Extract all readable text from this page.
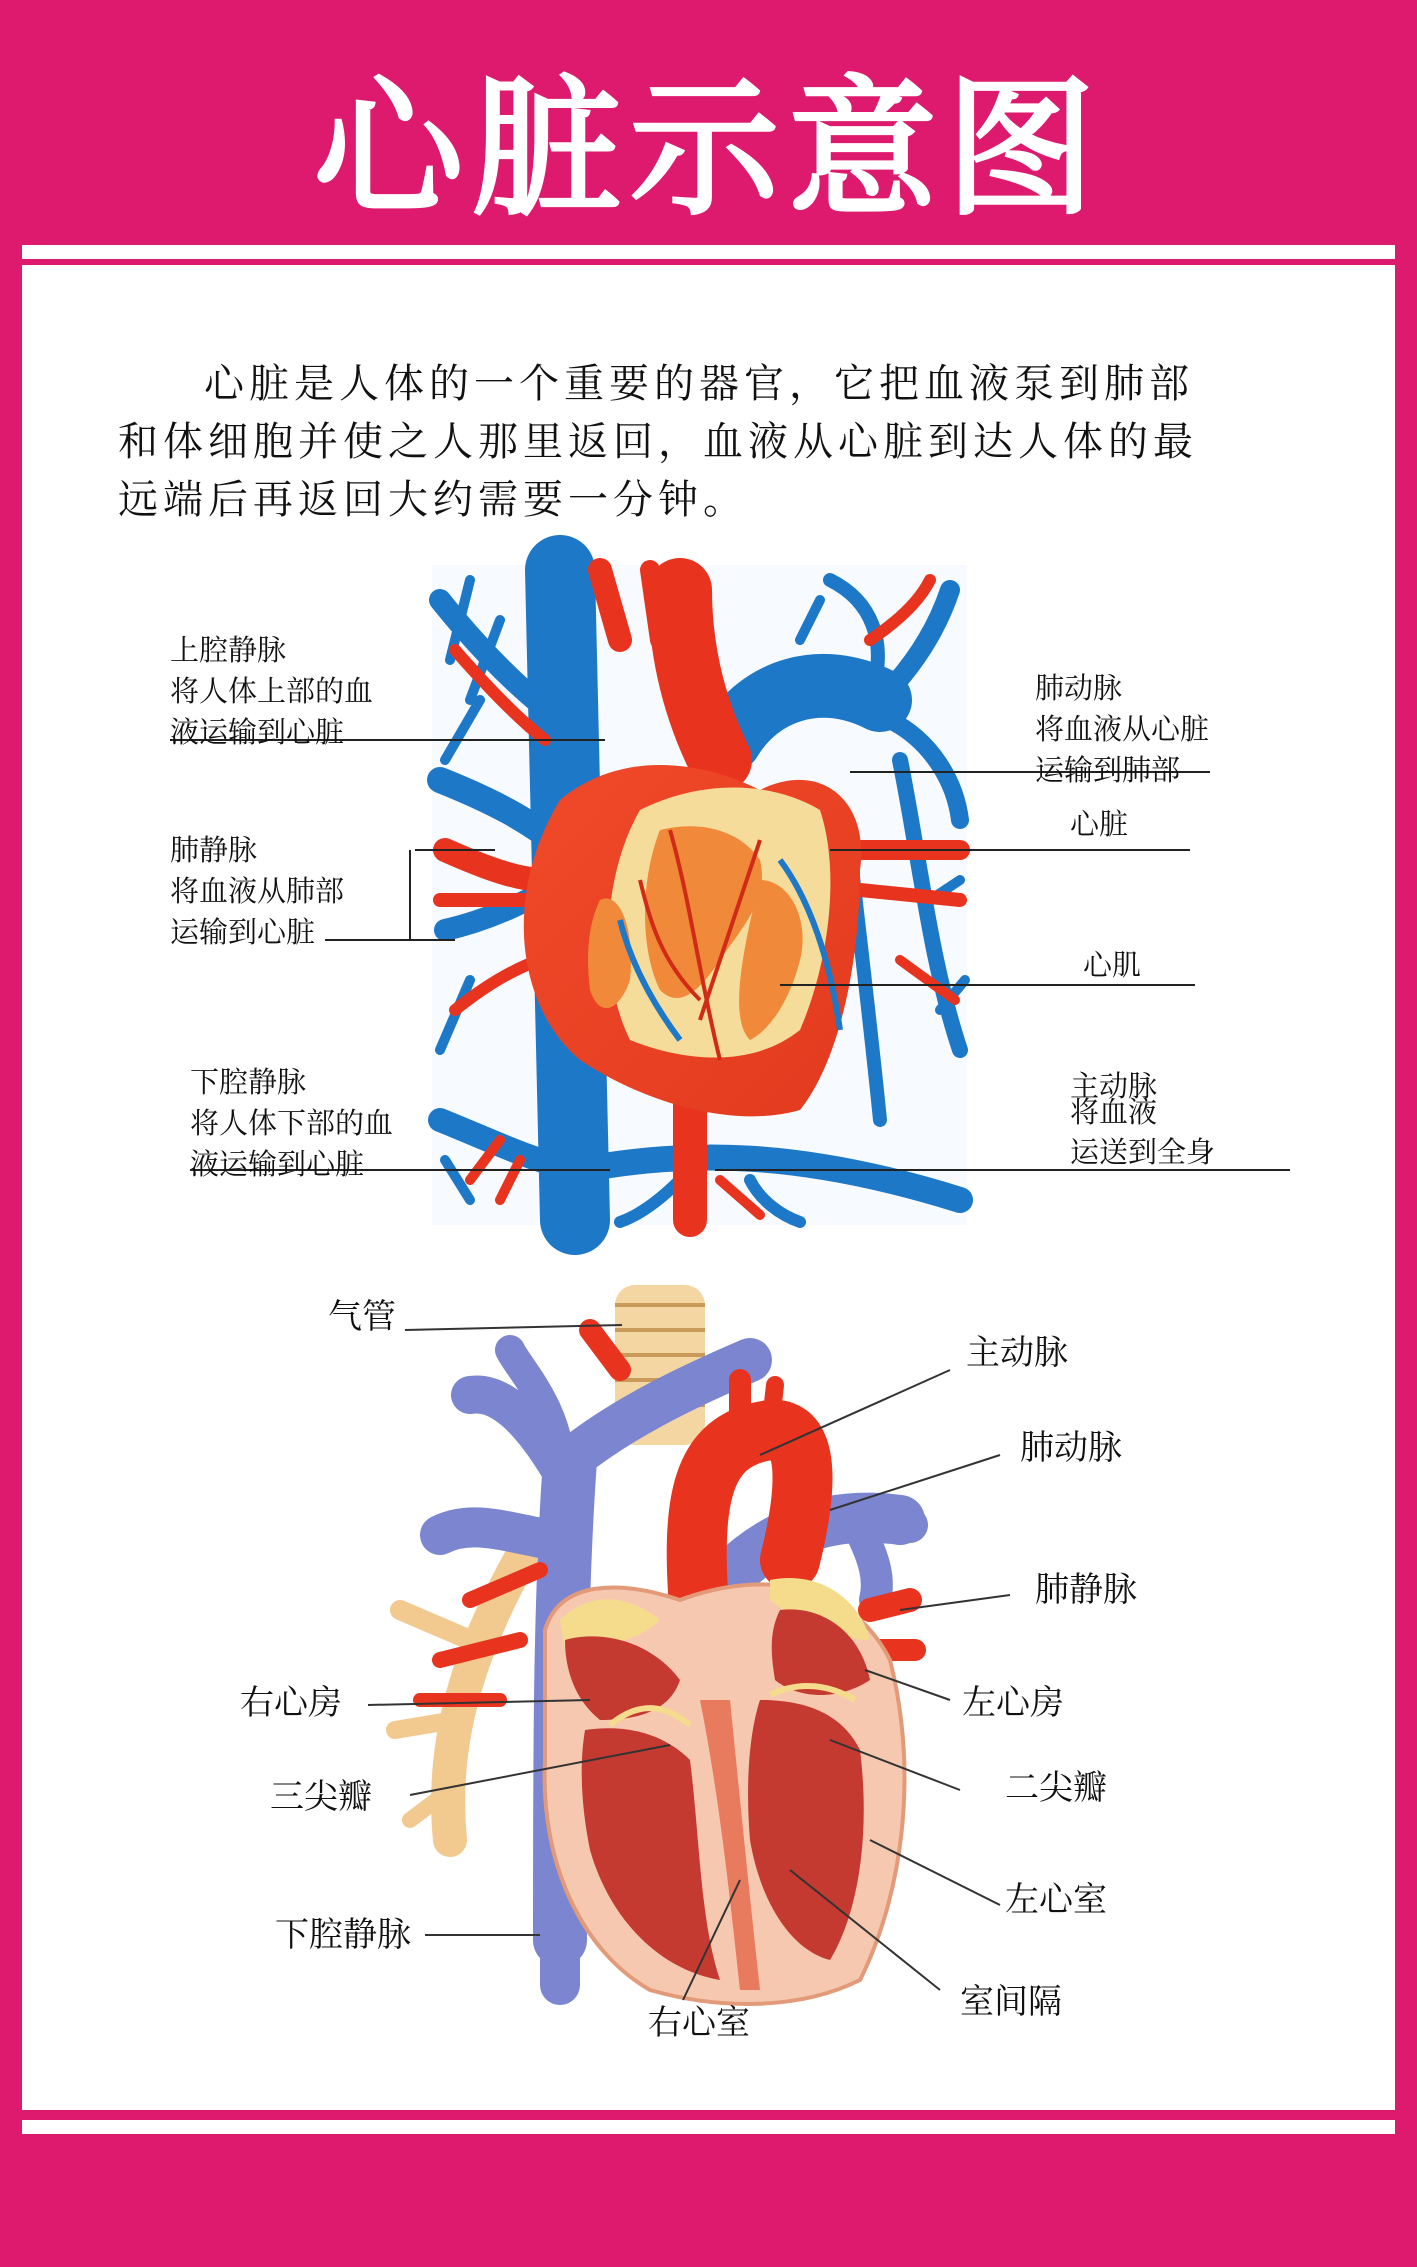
心脏示意图
心脏是人体的一个重要的器官，它把血液泵到肺部
和体细胞并使之人那里返回，血液从心脏到达人体的最
远端后再返回大约需要一分钟。
上腔静脉
将人体上部的血
液运输到心脏
肺静脉
将血液从肺部
运输到心脏
下腔静脉
将人体下部的血
液运输到心脏
肺动脉
将血液从心脏
运输到肺部
心脏
心肌
主动脉
将血液
运送到全身
气管
主动脉
肺动脉
肺静脉
右心房	左心房
三尖瓣	二尖瓣
左心室
下腔静脉
右心室
室间隔
